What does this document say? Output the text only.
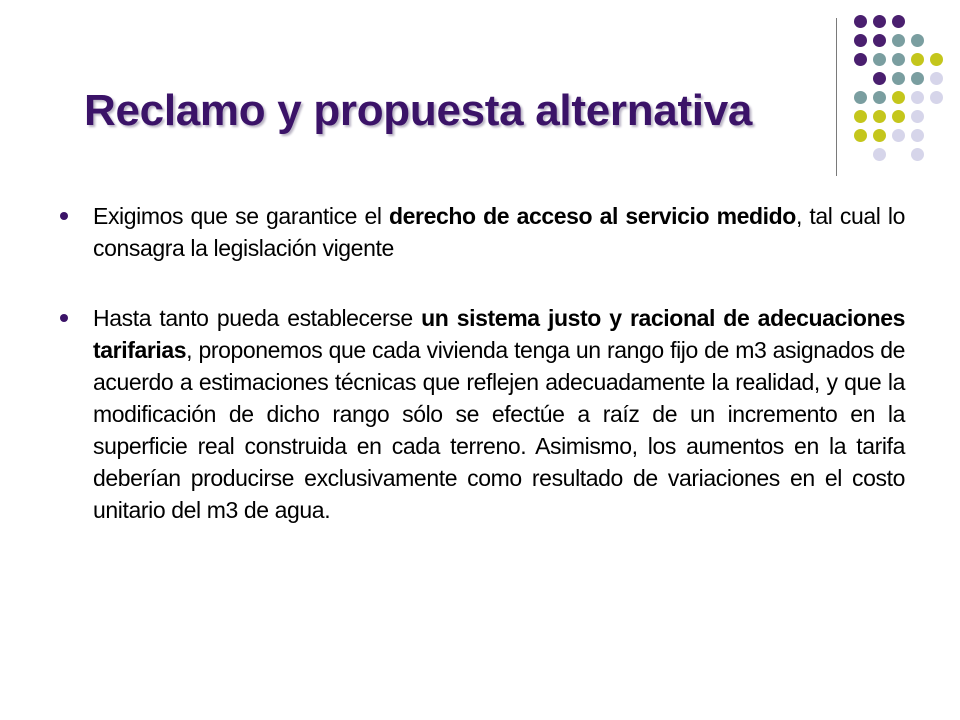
Reclamo y propuesta alternativa

Exigimos que se garantice el derecho de acceso al servicio medido, tal cual lo consagra la legislación vigente

Hasta tanto pueda establecerse un sistema justo y racional de adecuaciones tarifarias, proponemos que cada vivienda tenga un rango fijo de m3 asignados de acuerdo a estimaciones técnicas que reflejen adecuadamente la realidad, y que la modificación de dicho rango sólo se efectúe a raíz de un incremento en la superficie real construida en cada terreno. Asimismo, los aumentos en la tarifa deberían producirse exclusivamente como resultado de variaciones en el costo unitario del m3 de agua.
